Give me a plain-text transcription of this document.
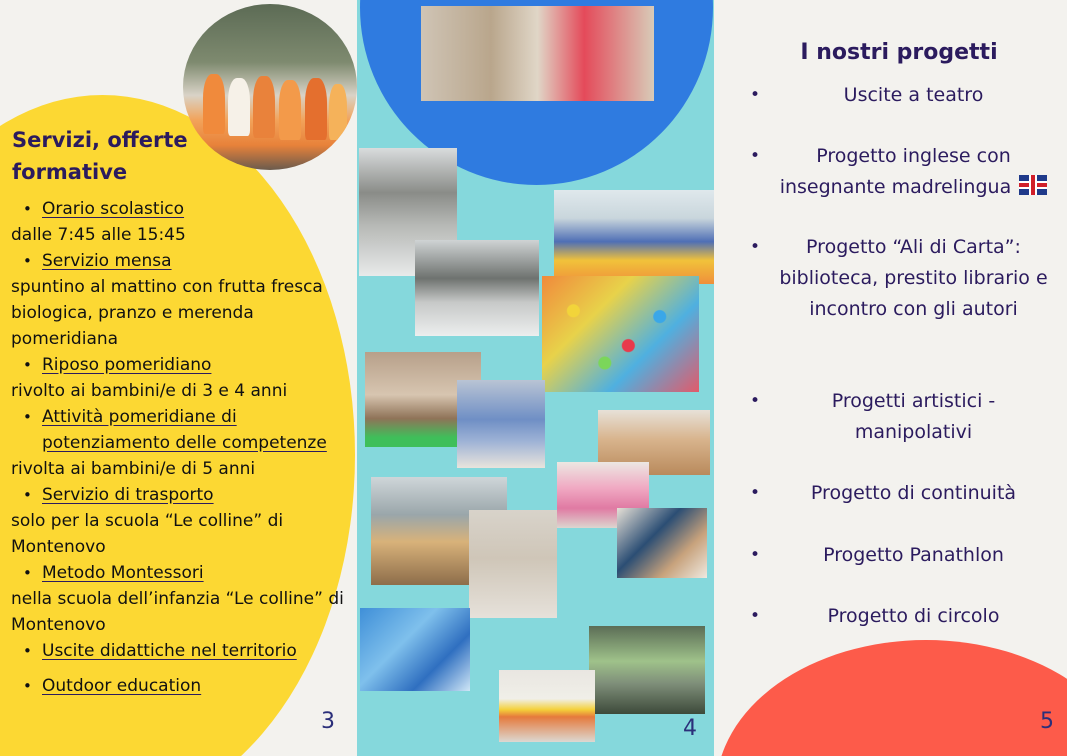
Servizi, offerte formative
• Orario scolastico
dalle 7:45 alle 15:45
• Servizio mensa
spuntino al mattino con frutta fresca biologica, pranzo e merenda pomeridiana
• Riposo pomeridiano
rivolto ai bambini/e di 3 e 4 anni
• Attività pomeridiane di potenziamento delle competenze
rivolta ai bambini/e di 5 anni
• Servizio di trasporto
solo per la scuola “Le colline” di Montenovo
• Metodo Montessori
nella scuola dell’infanzia “Le colline” di Montenovo
• Uscite didattiche nel territorio
• Outdoor education
3	4
I nostri progetti
•	Uscite a teatro
•	Progetto inglese con insegnante madrelingua
•	Progetto “Ali di Carta”: biblioteca, prestito librario e incontro con gli autori
•	Progetti artistici - manipolativi
•	Progetto di continuità
•	Progetto Panathlon
•	Progetto di circolo
5
